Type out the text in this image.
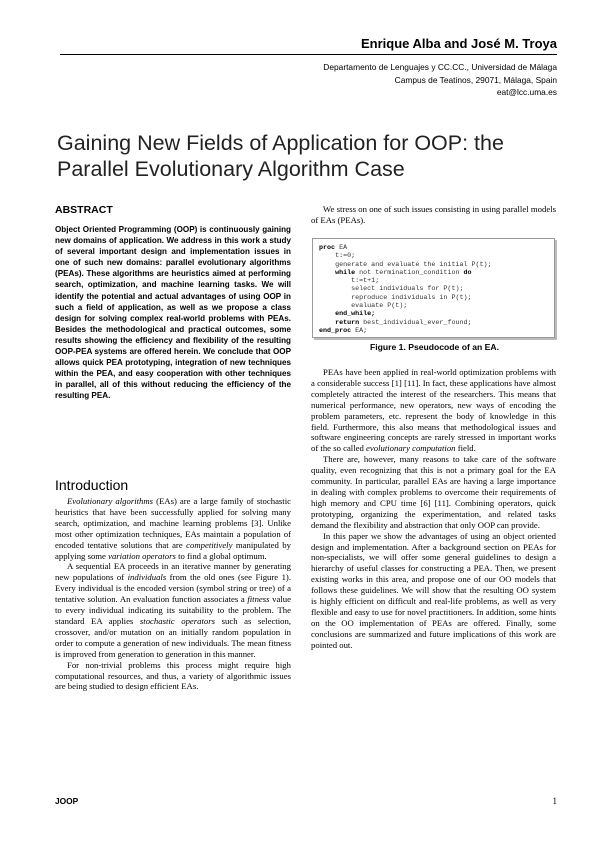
Enrique Alba and José M. Troya
Departamento de Lenguajes y CC.CC., Universidad de Málaga
Campus de Teatinos, 29071, Málaga, Spain
eat@lcc.uma.es
Gaining New Fields of Application for OOP: the Parallel Evolutionary Algorithm Case
ABSTRACT
Object Oriented Programming (OOP) is continuously gaining new domains of application. We address in this work a study of several important design and implementation issues in one of such new domains: parallel evolutionary algorithms (PEAs). These algorithms are heuristics aimed at performing search, optimization, and machine learning tasks. We will identify the potential and actual advantages of using OOP in such a field of application, as well as we propose a class design for solving complex real-world problems with PEAs. Besides the methodological and practical outcomes, some results showing the efficiency and flexibility of the resulting OOP-PEA systems are offered herein. We conclude that OOP allows quick PEA prototyping, integration of new techniques within the PEA, and easy cooperation with other techniques in parallel, all of this without reducing the efficiency of the resulting PEA.
Introduction

Evolutionary algorithms (EAs) are a large family of stochastic heuristics that have been successfully applied for solving many search, optimization, and machine learning problems [3]. Unlike most other optimization techniques, EAs maintain a population of encoded tentative solutions that are competitively manipulated by applying some variation operators to find a global optimum.

A sequential EA proceeds in an iterative manner by generating new populations of individuals from the old ones (see Figure 1). Every individual is the encoded version (symbol string or tree) of a tentative solution. An evaluation function associates a fitness value to every individual indicating its suitability to the problem. The standard EA applies stochastic operators such as selection, crossover, and/or mutation on an initially random population in order to compute a generation of new individuals. The mean fitness is improved from generation to generation in this manner.

For non-trivial problems this process might require high computational resources, and thus, a variety of algorithmic issues are being studied to design efficient EAs.

We stress on one of such issues consisting in using parallel models of EAs (PEAs).

proc EA
t:=0;
generate and evaluate the initial P(t);
while not termination_condition do
t:=t+1;
select individuals for P(t);
reproduce individuals in P(t);
evaluate P(t);
end_while;
return best_individual_ever_found;
end_proc EA;
Figure 1. Pseudocode of an EA.

PEAs have been applied in real-world optimization problems with a considerable success [1] [11]. In fact, these applications have almost completely attracted the interest of the researchers. This means that numerical performance, new operators, new ways of encoding the problem parameters, etc. represent the body of knowledge in this field. Furthermore, this also means that methodological issues and software engineering concepts are rarely stressed in important works of the so called evolutionary computation field.

There are, however, many reasons to take care of the software quality, even recognizing that this is not a primary goal for the EA community. In particular, parallel EAs are having a large importance in dealing with complex problems to overcome their requirements of high memory and CPU time [6] [11]. Combining operators, quick prototyping, organizing the experimentation, and related tasks demand the flexibility and abstraction that only OOP can provide.

In this paper we show the advantages of using an object oriented design and implementation. After a background section on PEAs for non-specialists, we will offer some general guidelines to design a hierarchy of useful classes for constructing a PEA. Then, we present existing works in this area, and propose one of our OO models that follows these guidelines. We will show that the resulting OO system is highly efficient on difficult and real-life problems, as well as very flexible and easy to use for novel practitioners. In addition, some hints on the OO implementation of PEAs are offered. Finally, some conclusions are summarized and future implications of this work are pointed out.

JOOP	1
